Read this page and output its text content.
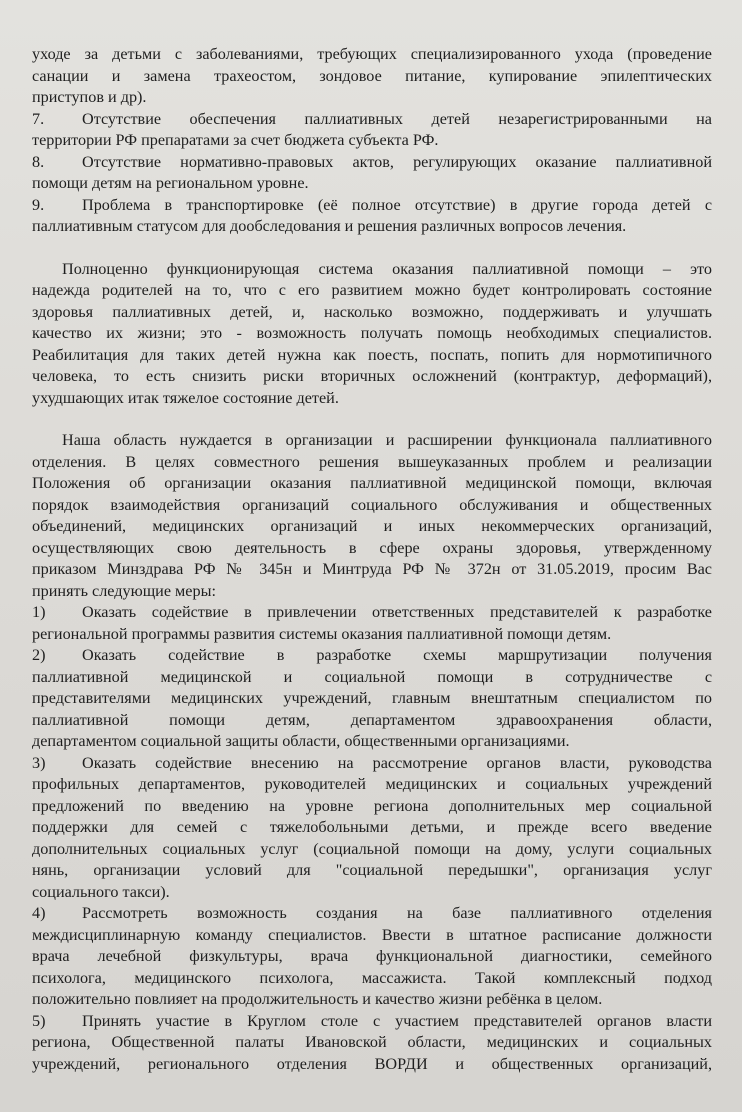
уходе за детьми с заболеваниями, требующих специализированного ухода (проведение
санации и замена трахеостом, зондовое питание, купирование эпилептических
приступов и др).
7.	Отсутствие обеспечения паллиативных детей незарегистрированными на
территории РФ препаратами за счет бюджета субъекта РФ.
8.	Отсутствие нормативно-правовых актов, регулирующих оказание паллиативной
помощи детям на региональном уровне.
9.	Проблема в транспортировке (её полное отсутствие) в другие города детей с
паллиативным статусом для дообследования и решения различных вопросов лечения.
Полноценно функционирующая система оказания паллиативной помощи – это
надежда родителей на то, что с его развитием можно будет контролировать состояние
здоровья паллиативных детей, и, насколько возможно, поддерживать и улучшать
качество их жизни; это - возможность получать помощь необходимых специалистов.
Реабилитация для таких детей нужна как поесть, поспать, попить для нормотипичного
человека, то есть снизить риски вторичных осложнений (контрактур, деформаций),
ухудшающих итак тяжелое состояние детей.
Наша область нуждается в организации и расширении функционала паллиативного
отделения. В целях совместного решения вышеуказанных проблем и реализации
Положения об организации оказания паллиативной медицинской помощи, включая
порядок взаимодействия организаций социального обслуживания и общественных
объединений, медицинских организаций и иных некоммерческих организаций,
осуществляющих свою деятельность в сфере охраны здоровья, утвержденному
приказом Минздрава РФ № 345н и Минтруда РФ № 372н от 31.05.2019, просим Вас
принять следующие меры:
1)	Оказать содействие в привлечении ответственных представителей к разработке
региональной программы развития системы оказания паллиативной помощи детям.
2)	Оказать содействие в разработке схемы маршрутизации получения
паллиативной медицинской и социальной помощи в сотрудничестве с
представителями медицинских учреждений, главным внештатным специалистом по
паллиативной помощи детям, департаментом здравоохранения области,
департаментом социальной защиты области, общественными организациями.
3)	Оказать содействие внесению на рассмотрение органов власти, руководства
профильных департаментов, руководителей медицинских и социальных учреждений
предложений по введению на уровне региона дополнительных мер социальной
поддержки для семей с тяжелобольными детьми, и прежде всего введение
дополнительных социальных услуг (социальной помощи на дому, услуги социальных
нянь, организации условий для "социальной передышки", организация услуг
социального такси).
4)	Рассмотреть возможность создания на базе паллиативного отделения
междисциплинарную команду специалистов. Ввести в штатное расписание должности
врача лечебной физкультуры, врача функциональной диагностики, семейного
психолога, медицинского психолога, массажиста. Такой комплексный подход
положительно повлияет на продолжительность и качество жизни ребёнка в целом.
5)	Принять участие в Круглом столе с участием представителей органов власти
региона, Общественной палаты Ивановской области, медицинских и социальных
учреждений, регионального отделения ВОРДИ и общественных организаций,
